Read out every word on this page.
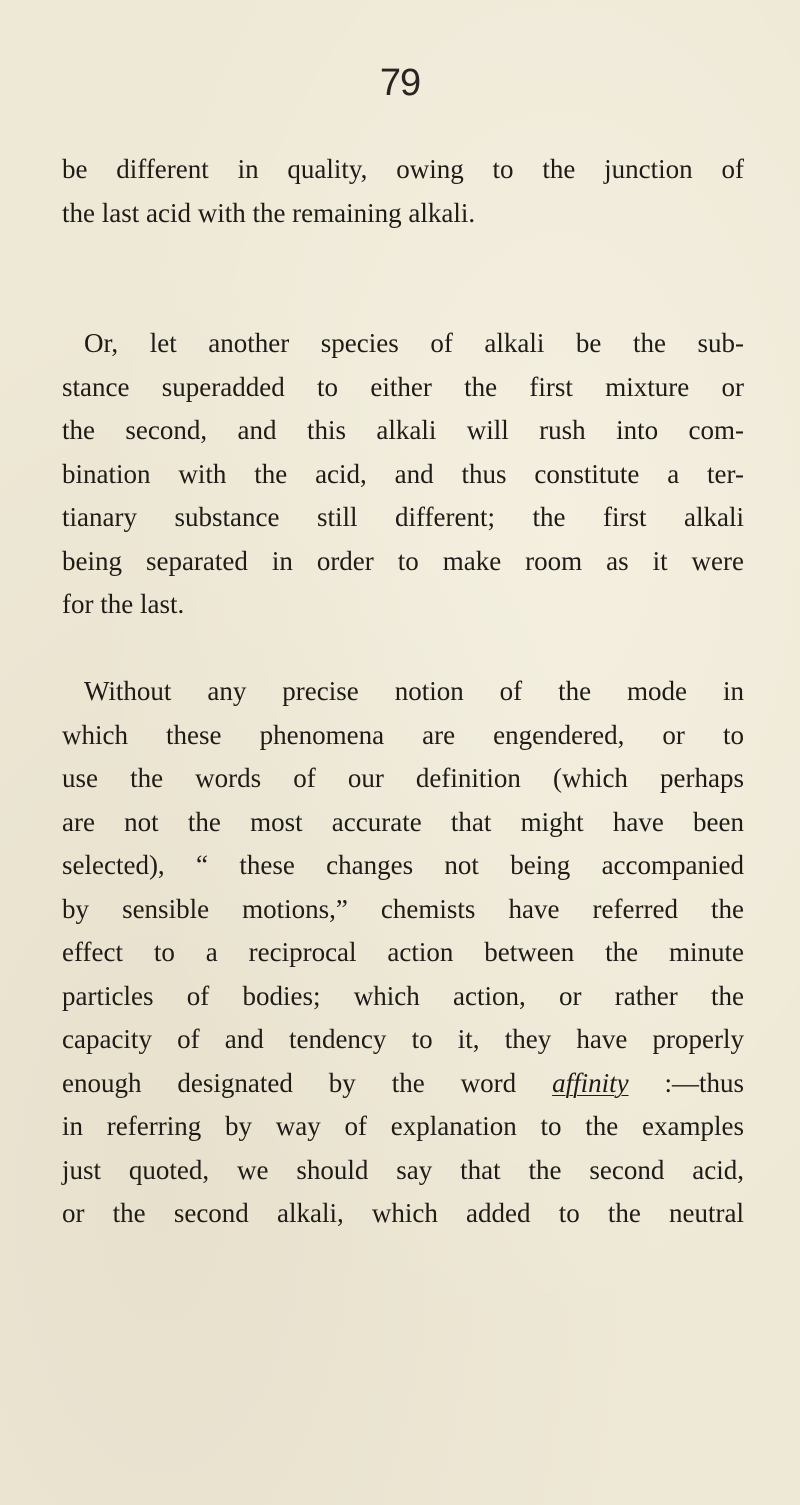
79
be different in quality, owing to the junction of
the last acid with the remaining alkali.
Or, let another species of alkali be the sub-
stance superadded to either the first mixture or
the second, and this alkali will rush into com-
bination with the acid, and thus constitute a ter-
tianary substance still different; the first alkali
being separated in order to make room as it were
for the last.
Without any precise notion of the mode in
which these phenomena are engendered, or to
use the words of our definition (which perhaps
are not the most accurate that might have been
selected), “ these changes not being accompanied
by sensible motions,” chemists have referred the
effect to a reciprocal action between the minute
particles of bodies; which action, or rather the
capacity of and tendency to it, they have properly
enough designated by the word affinity :—thus
in referring by way of explanation to the examples
just quoted, we should say that the second acid,
or the second alkali, which added to the neutral
